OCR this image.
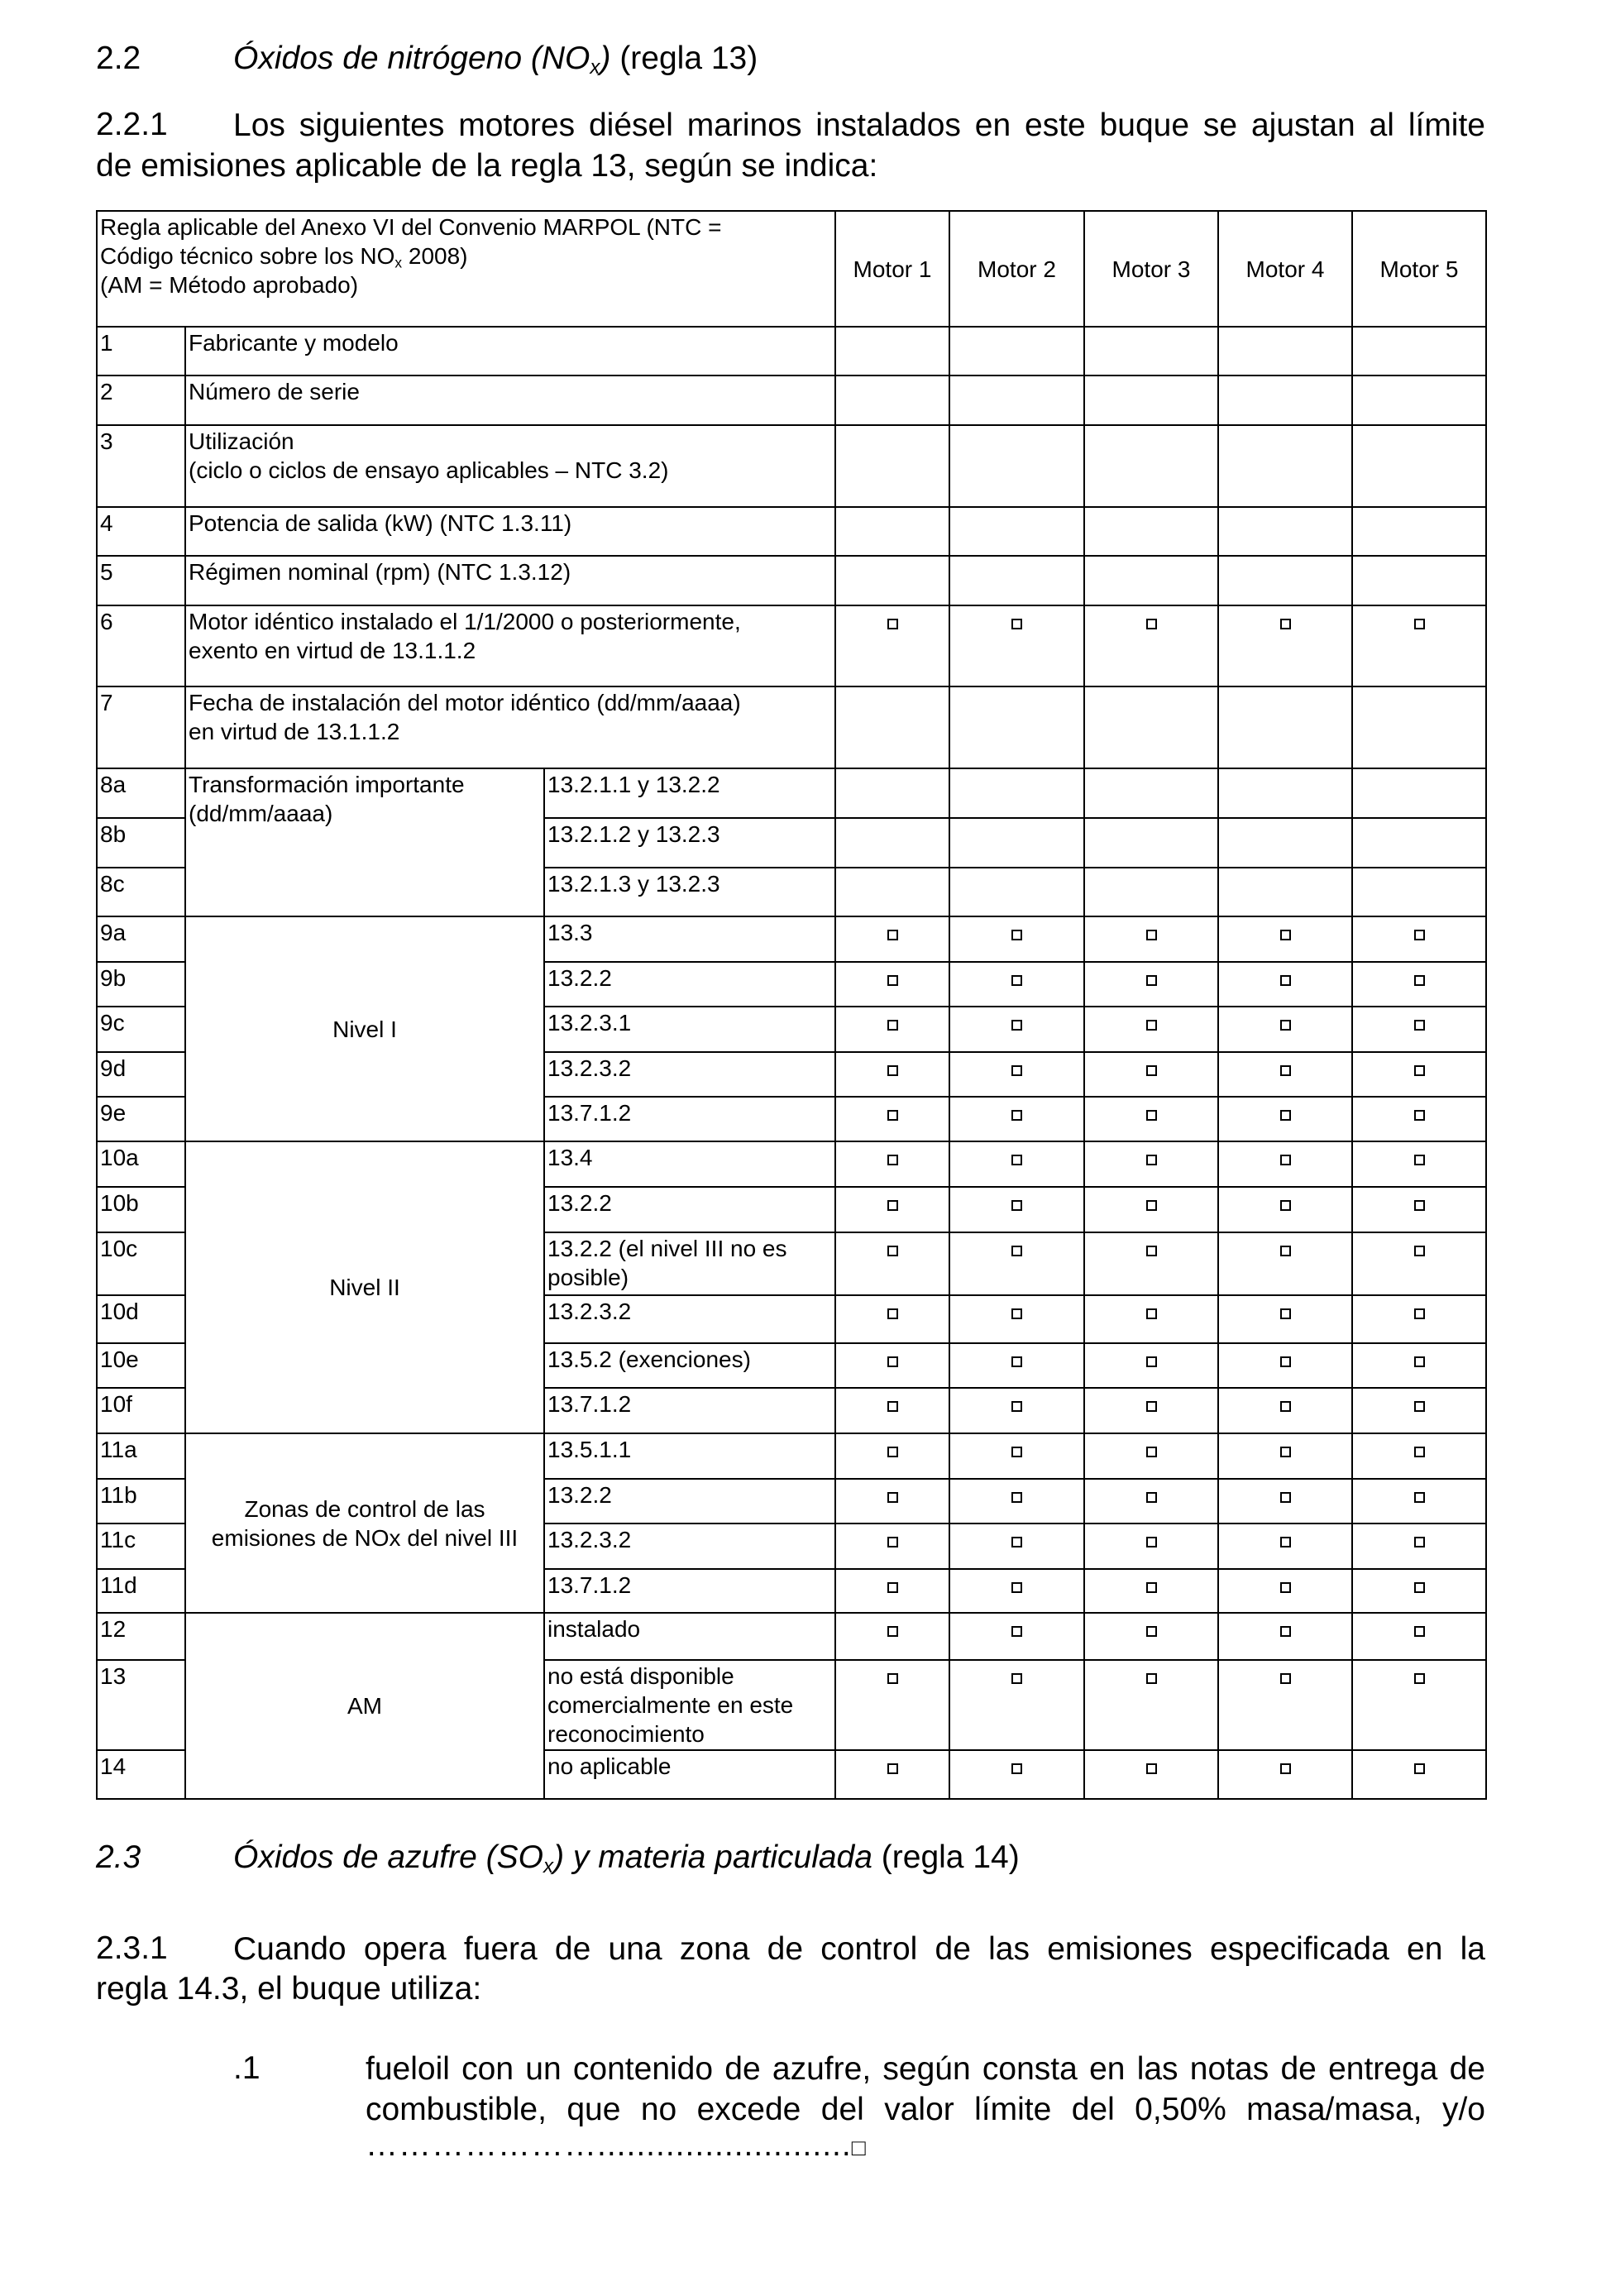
2.2	Óxidos de nitrógeno $(NO_x)$ (regla 13)
2.2.1 Los siguientes motores diésel marinos instalados en este buque se ajustan al límite
de emisiones aplicable de la regla 13, según se indica:
Regla aplicable del Anexo VI del Convenio MARPOL (NTC =
Código técnico sobre los $NO_x$ 2008)
(AM = Método aprobado)			Motor 1	Motor 2	Motor 3	Motor 4	Motor 5
1	Fabricante y modelo						
2	Número de serie						
3	Utilización
(ciclo o ciclos de ensayo aplicables – NTC 3.2)						

4	Potencia de salida (kW) (NTC 1.3.11)						
5	Régimen nominal (rpm) (NTC 1.3.12)						
6	Motor idéntico instalado el 1/1/2000 o posteriormente,
exento en virtud de 13.1.1.2						

7	Fecha de instalación del motor idéntico (dd/mm/aaaa)
en virtud de 13.1.1.2						

8a	Transformación importante
(dd/mm/aaaa)	13.2.1.1 y 13.2.2					
8b		13.2.1.2 y 13.2.3					
8c		13.2.1.3 y 13.2.3					
9a	Nivel I	13.3					
9b		13.2.2					
9c		13.2.3.1					
9d		13.2.3.2					
9e		13.7.1.2					
10a	Nivel II	13.4					
10b		13.2.2					
10c		13.2.2 (el nivel III no es
posible)					

10d		13.2.3.2					
10e		13.5.2 (exenciones)					
10f		13.7.1.2					
11a	Zonas de control de las
emisiones de NOx del nivel III	13.5.1.1					
11b		13.2.2					
11c		13.2.3.2					
11d		13.7.1.2					
12	AM	instalado					
13		no está disponible
comercialmente en este
reconocimiento					

14		no aplicable					
2.3	Óxidos de azufre $(SO_x)$ y materia particulada (regla 14)
2.3.1 Cuando opera fuera de una zona de control de las emisiones especificada en la
regla 14.3, el buque utiliza:
.1	fueloil con un contenido de azufre, según consta en las notas de entrega de
combustible, que no excede del valor límite del 0,50% masa/masa, y/o
…………………..........................□
